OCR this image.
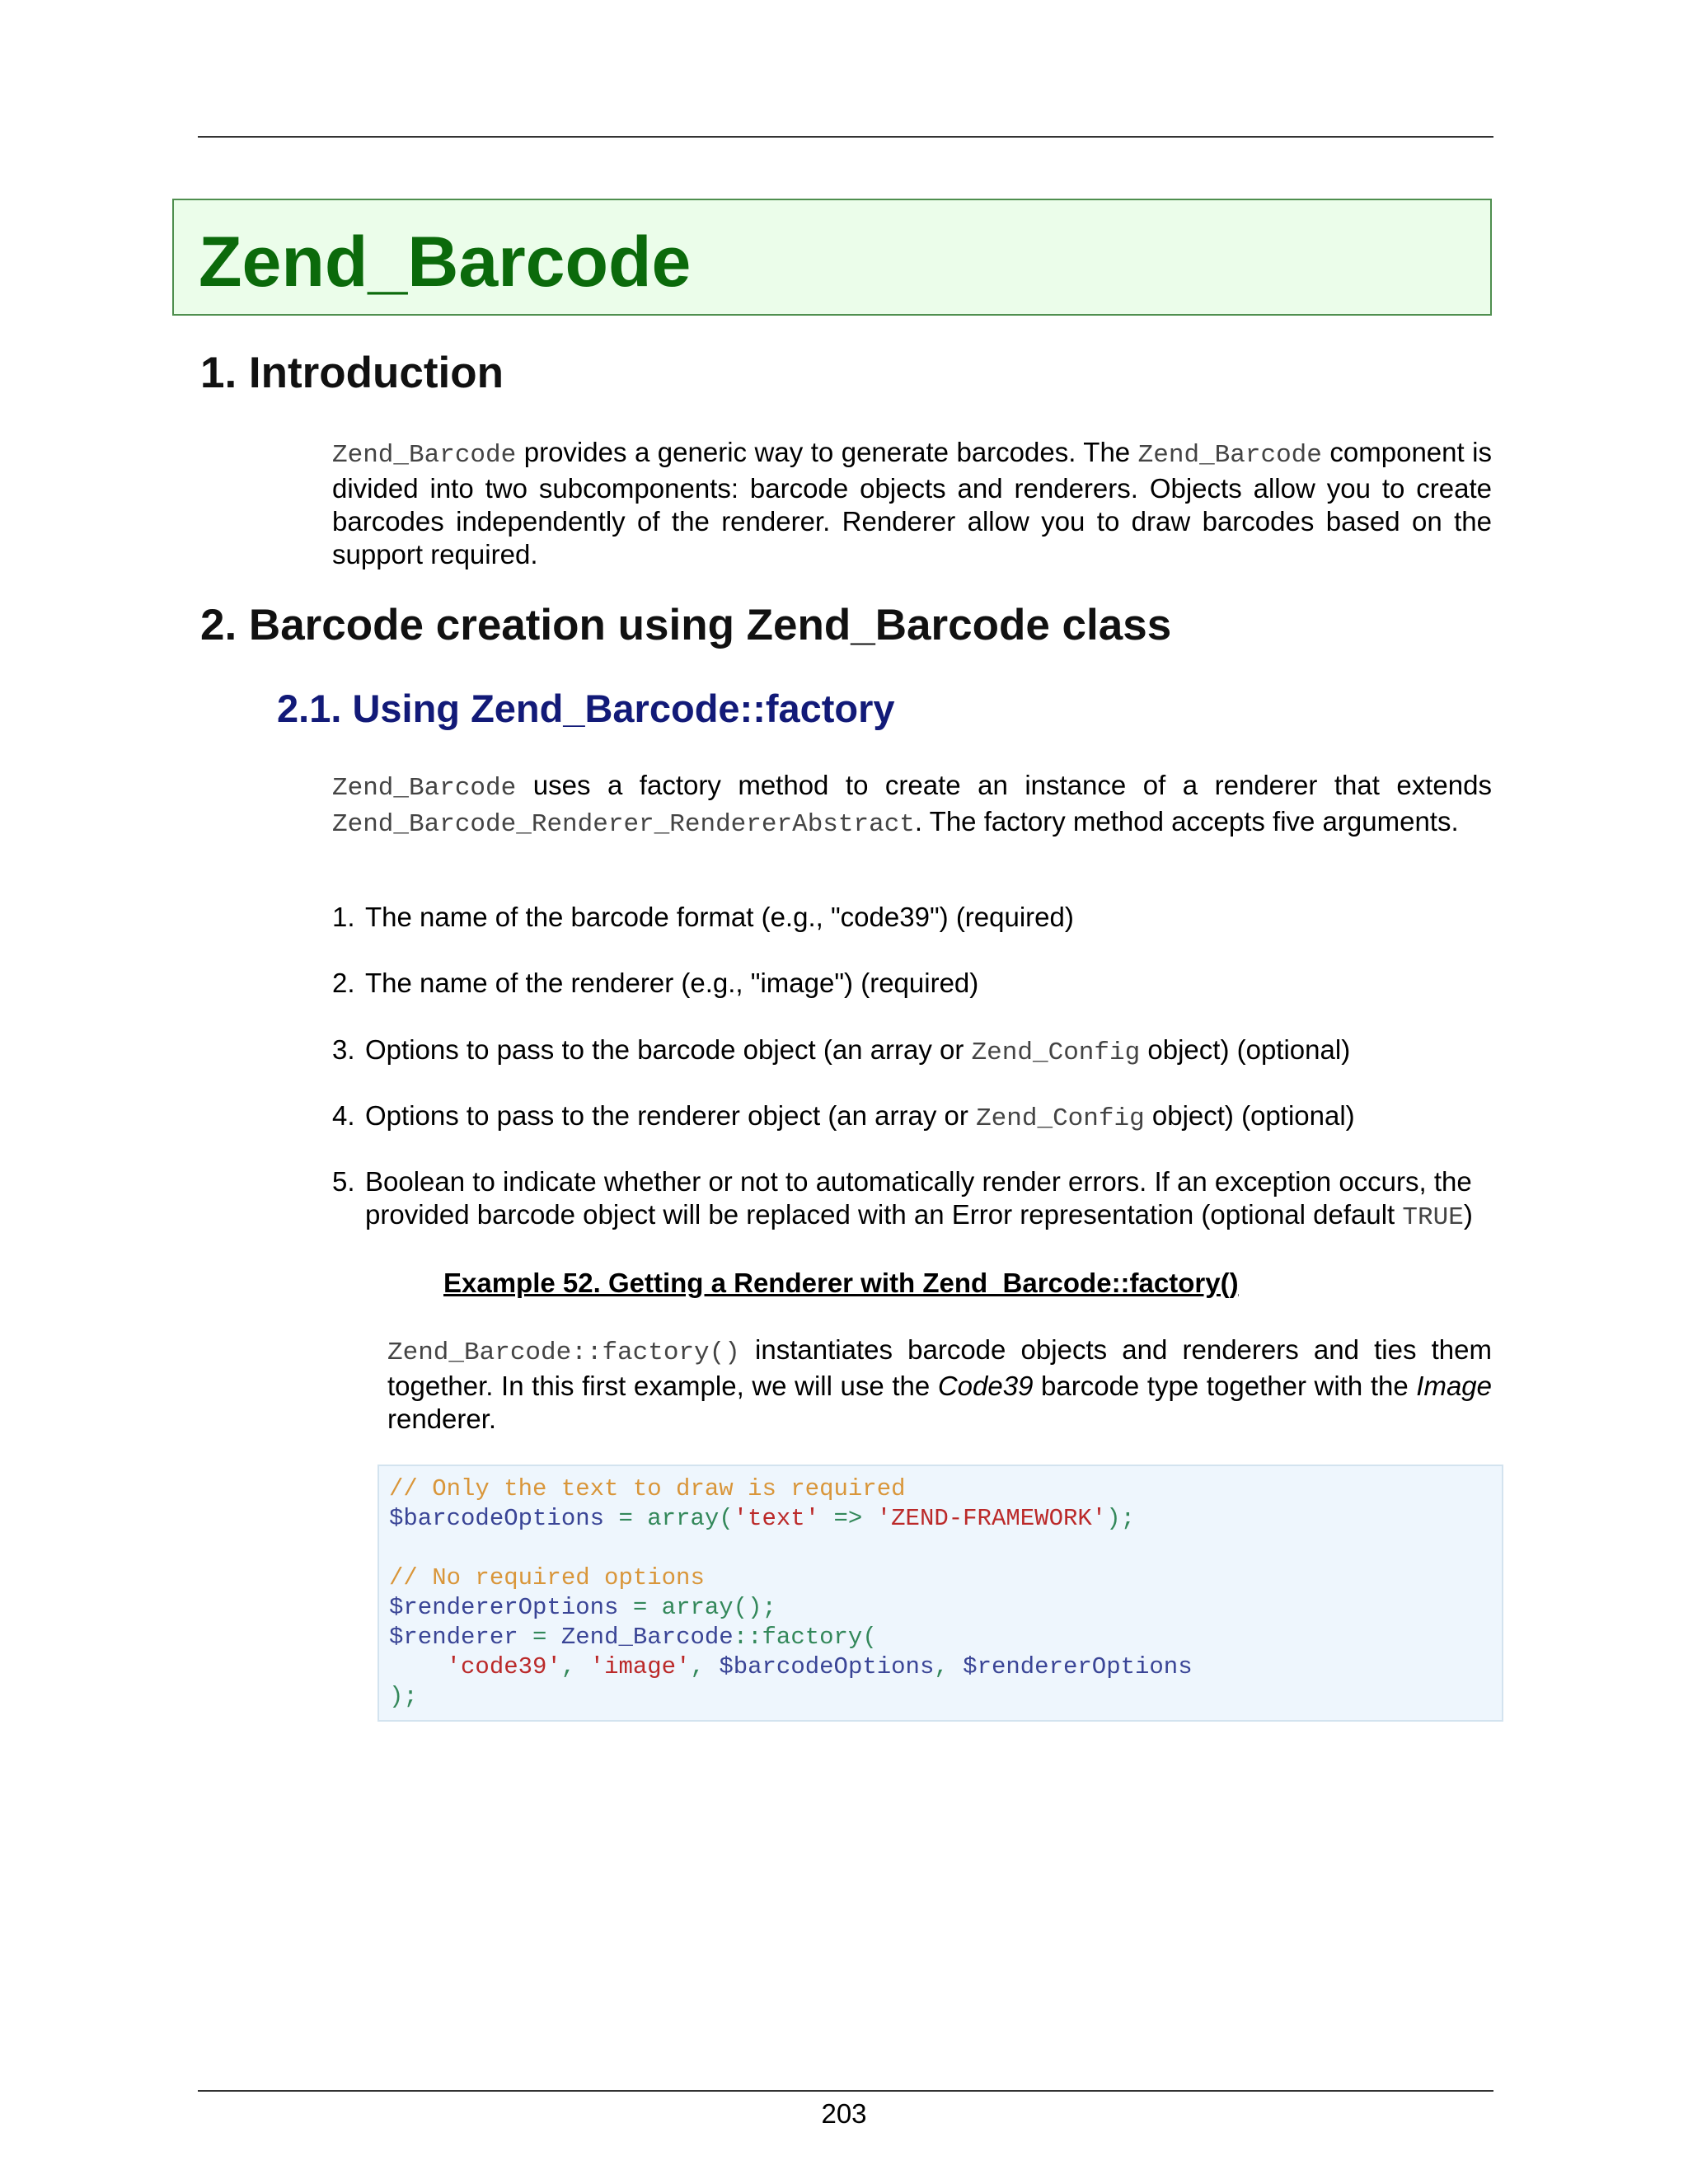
Zend_Barcode
1. Introduction

Zend_Barcode provides a generic way to generate barcodes. The Zend_Barcode component is divided into two subcomponents: barcode objects and renderers. Objects allow you to create barcodes independently of the renderer. Renderer allow you to draw barcodes based on the support required.

2. Barcode creation using Zend_Barcode class
2.1. Using Zend_Barcode::factory

Zend_Barcode uses a factory method to create an instance of a renderer that extends Zend_Barcode_Renderer_RendererAbstract. The factory method accepts five arguments.

1. The name of the barcode format (e.g., "code39") (required)
2. The name of the renderer (e.g., "image") (required)
3. Options to pass to the barcode object (an array or Zend_Config object) (optional)
4. Options to pass to the renderer object (an array or Zend_Config object) (optional)
5. Boolean to indicate whether or not to automatically render errors. If an exception occurs, the provided barcode object will be replaced with an Error representation (optional default TRUE)
Example 52. Getting a Renderer with Zend_Barcode::factory()

Zend_Barcode::factory() instantiates barcode objects and renderers and ties them together. In this first example, we will use the Code39 barcode type together with the Image renderer.

// Only the text to draw is required
$barcodeOptions = array('text' => 'ZEND-FRAMEWORK');

// No required options
$rendererOptions = array();
$renderer = Zend_Barcode::factory(
'code39', 'image', $barcodeOptions, $rendererOptions
);
203
